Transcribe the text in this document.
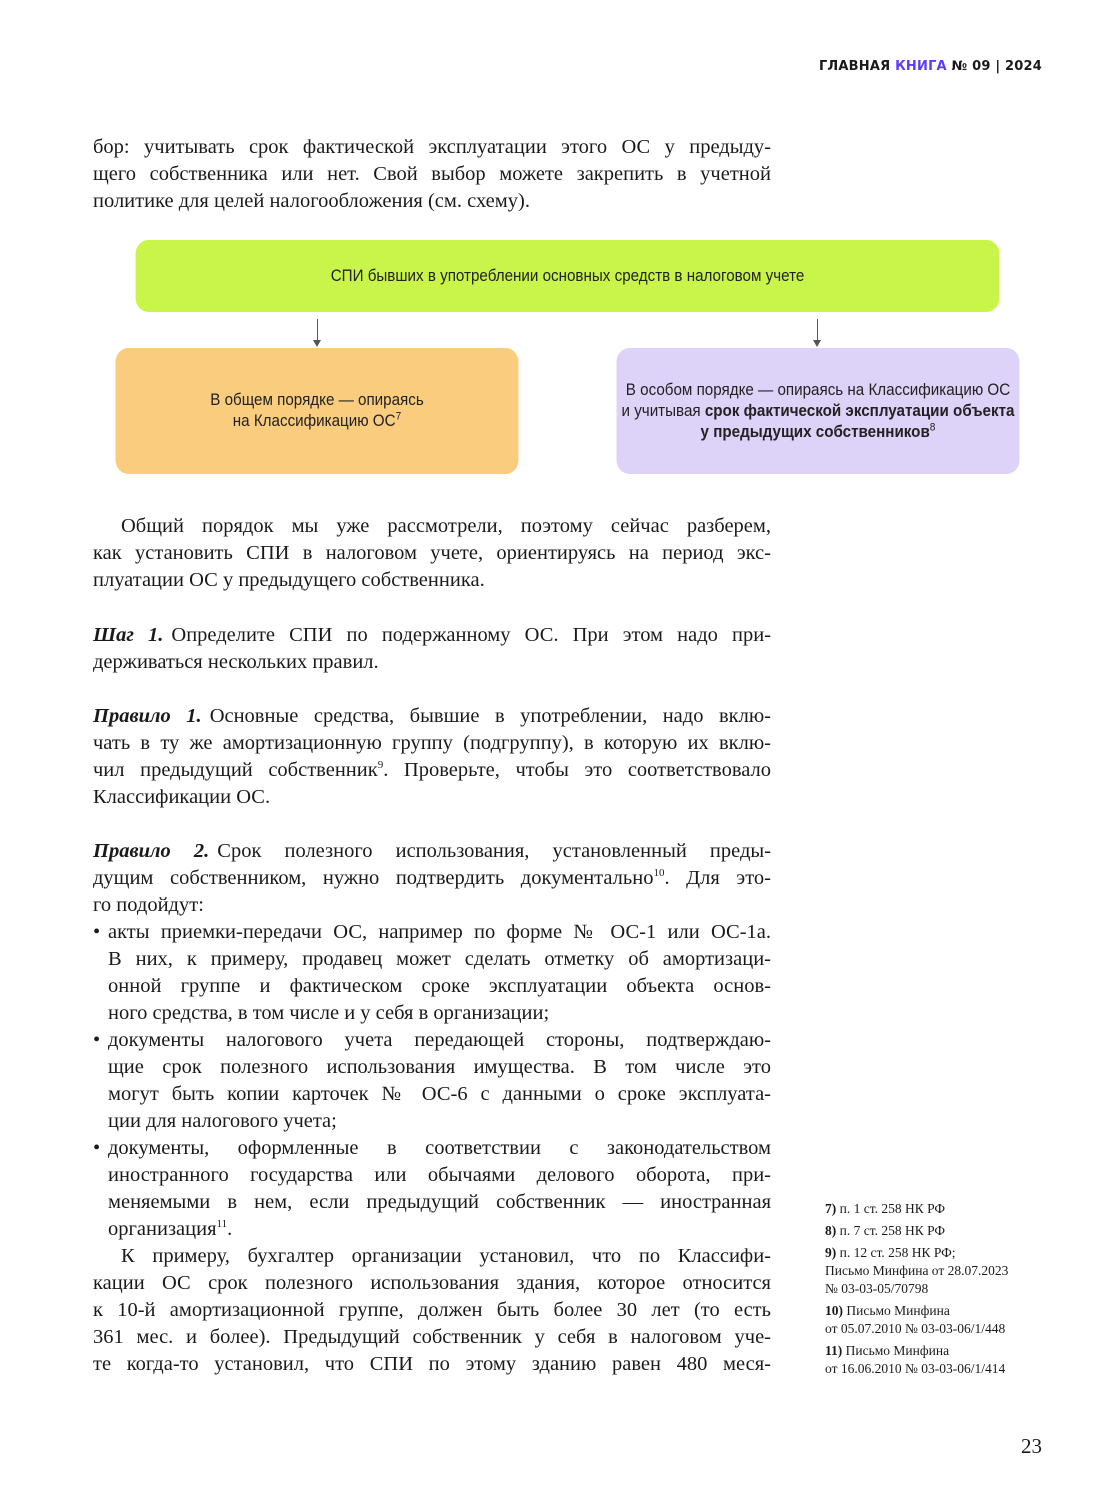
ГЛАВНАЯ КНИГА № 09 | 2024
бор: учитывать срок фактической эксплуатации этого ОС у предыду-
щего собственника или нет. Свой выбор можете закрепить в учетной
политике для целей налогообложения (см. схему).
СПИ бывших в употреблении основных средств в налоговом учете
В общем порядке — опираясь
на Классификацию $ОС^7$
В особом порядке — опираясь на Классификацию ОС
и учитывая срок фактической эксплуатации объекта
у предыдущих собственников$^8$
Общий порядок мы уже рассмотрели, поэтому сейчас разберем,
как установить СПИ в налоговом учете, ориентируясь на период экс-
плуатации ОС у предыдущего собственника.
Шаг 1. Определите СПИ по подержанному ОС. При этом надо при-
держиваться нескольких правил.
Правило 1. Основные средства, бывшие в употреблении, надо вклю-
чать в ту же амортизационную группу (подгруппу), в которую их вклю-
чил предыдущий собственник$^9$. Проверьте, чтобы это соответствовало
Классификации ОС.
Правило 2. Срок полезного использования, установленный преды-
дущим собственником, нужно подтвердить документально$^{10}$. Для это-
го подойдут:
• акты приемки-передачи ОС, например по форме № ОС-1 или ОС-1а.
В них, к примеру, продавец может сделать отметку об амортизаци-
онной группе и фактическом сроке эксплуатации объекта основ-
ного средства, в том числе и у себя в организации;
• документы налогового учета передающей стороны, подтверждаю-
щие срок полезного использования имущества. В том числе это
могут быть копии карточек № ОС-6 с данными о сроке эксплуата-
ции для налогового учета;
• документы, оформленные в соответствии с законодательством
иностранного государства или обычаями делового оборота, при-
меняемыми в нем, если предыдущий собственник — иностранная
организация$^{11}$.
К примеру, бухгалтер организации установил, что по Классифи-
кации ОС срок полезного использования здания, которое относится
к 10-й амортизационной группе, должен быть более 30 лет (то есть
361 мес. и более). Предыдущий собственник у себя в налоговом уче-
те когда-то установил, что СПИ по этому зданию равен 480 меся-
7) п. 1 ст. 258 НК РФ
8) п. 7 ст. 258 НК РФ
9) п. 12 ст. 258 НК РФ;
Письмо Минфина от 28.07.2023
№ 03-03-05/70798
10) Письмо Минфина
от 05.07.2010 № 03-03-06/1/448
11) Письмо Минфина
от 16.06.2010 № 03-03-06/1/414
23
